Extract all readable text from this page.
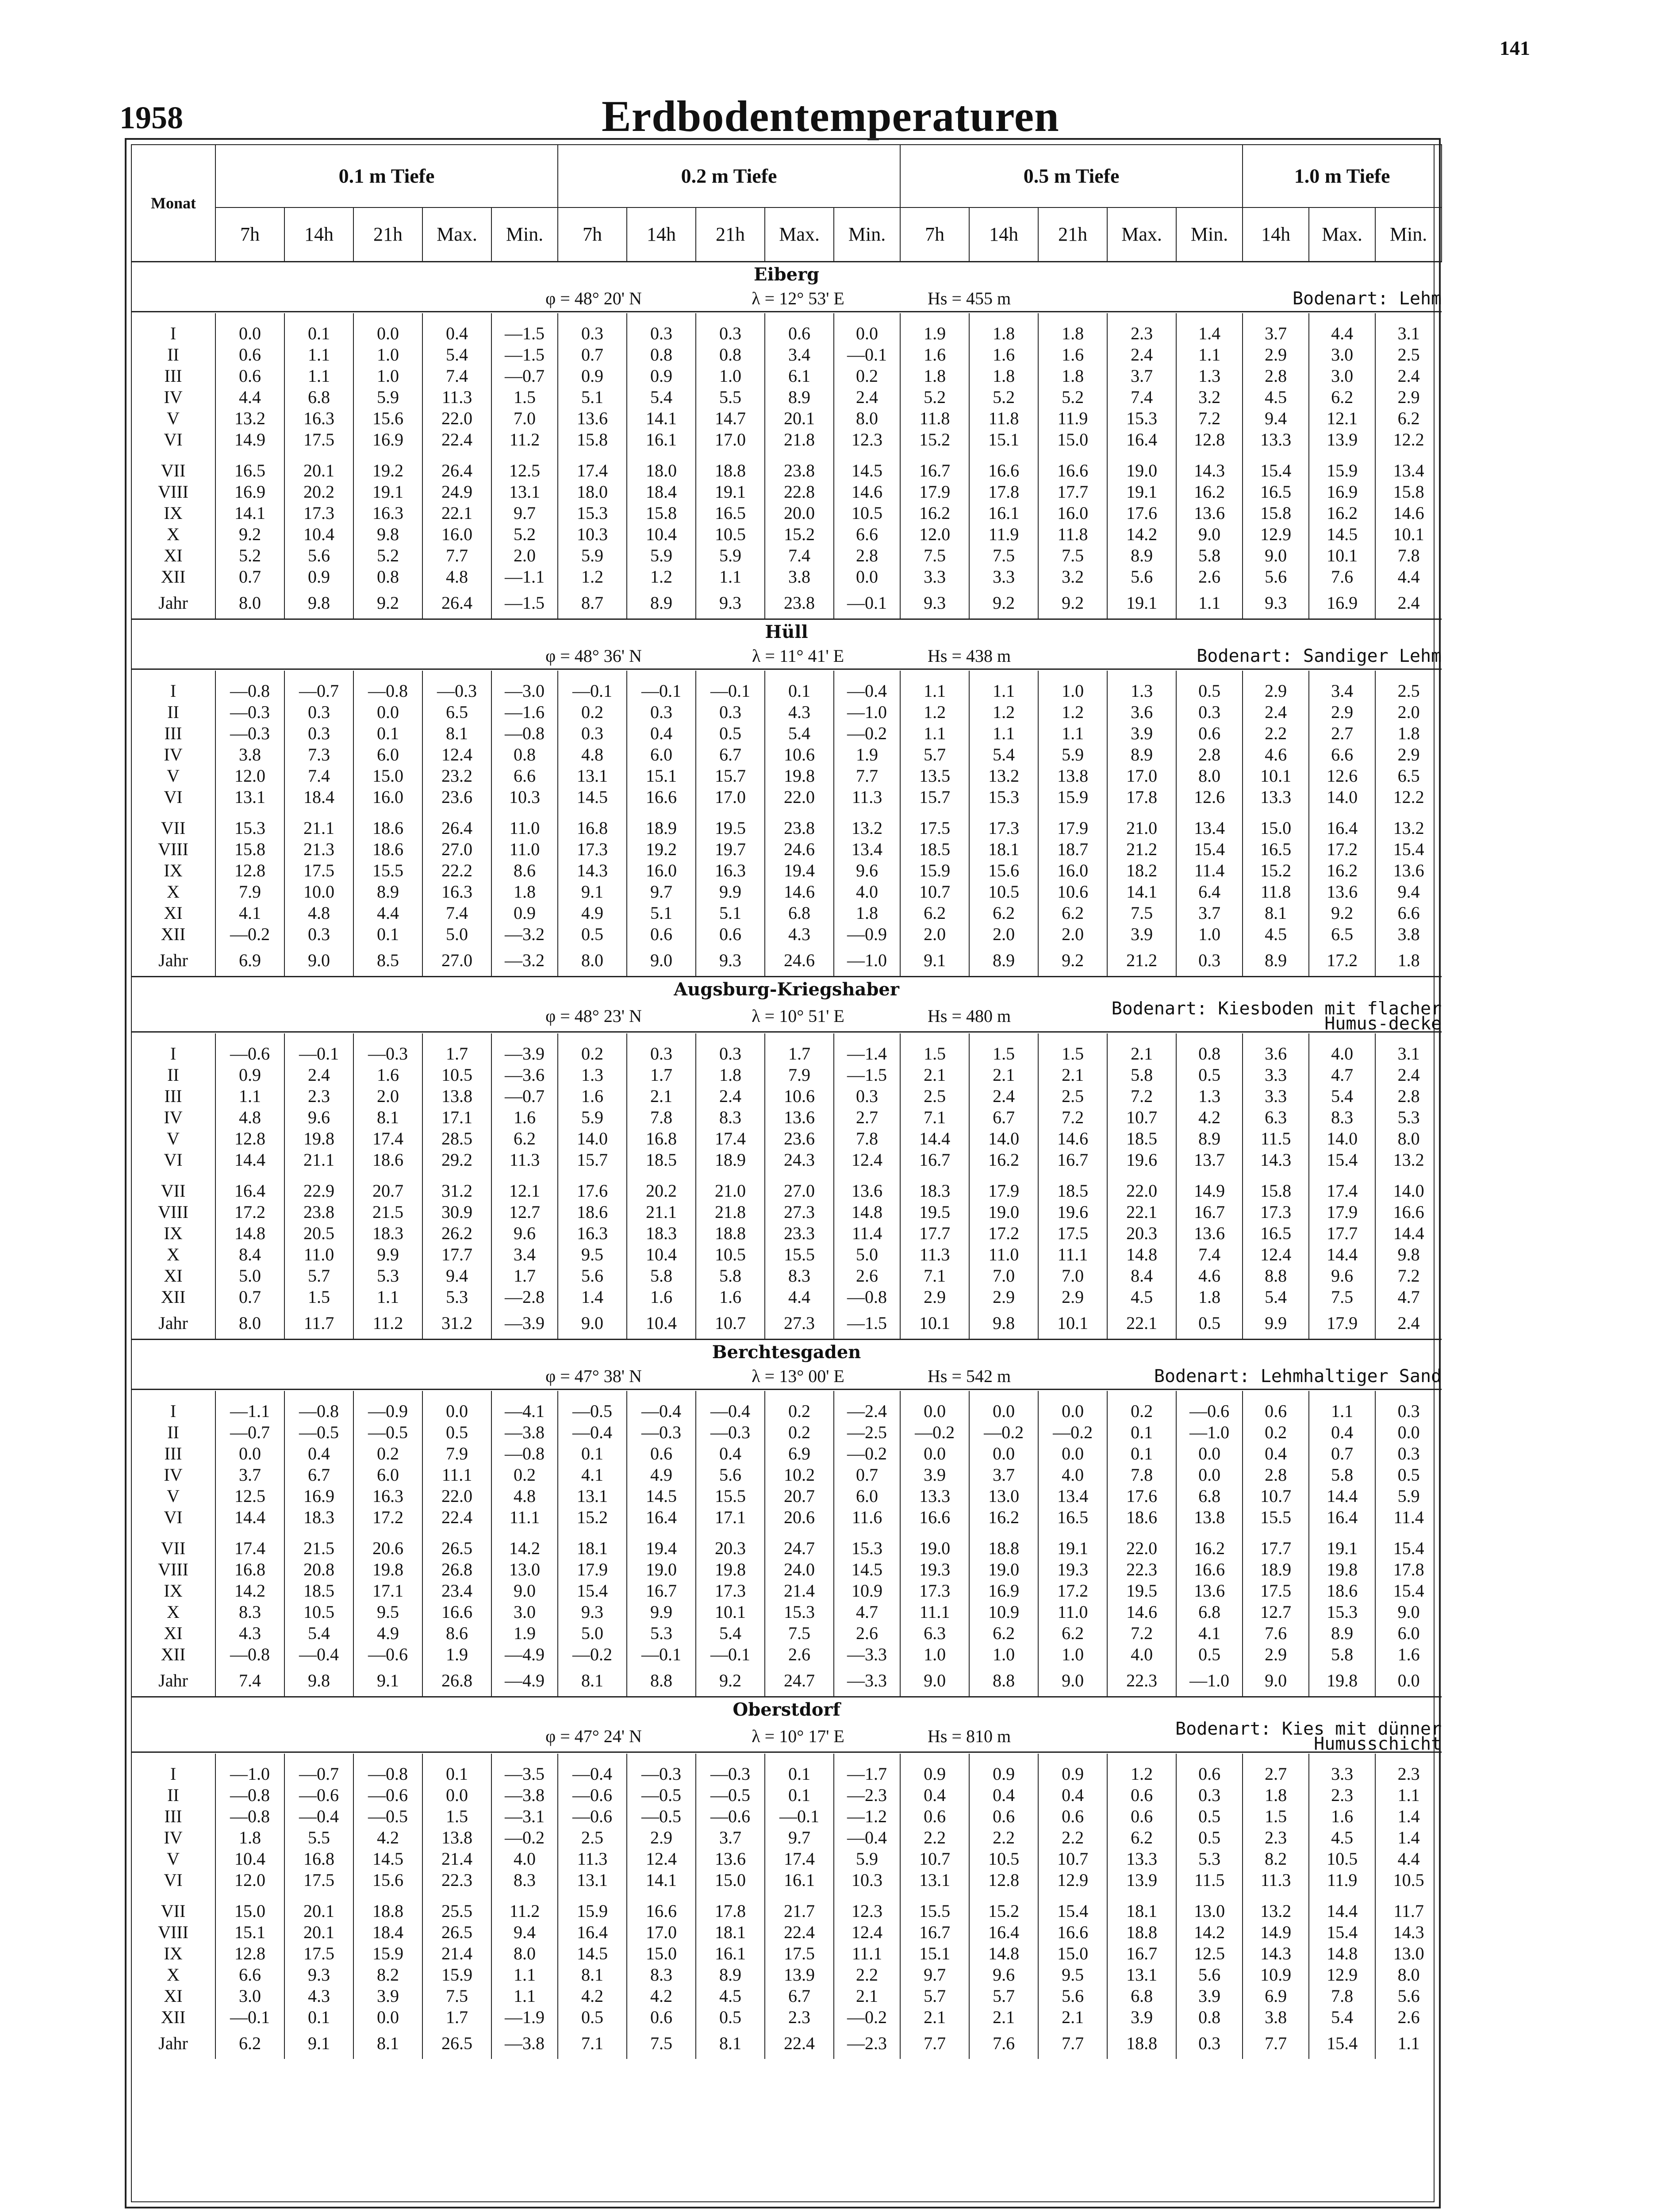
141
1958	Erdbodentemperaturen
Monat	0.1 m Tiefe					0.2 m Tiefe					0.5 m Tiefe					1.0 m Tiefe		
	7h	14h	21h	Max.	Min.	7h	14h	21h	Max.	Min.	7h	14h	21h	Max.	Min.	14h	Max.	Min.

Eiberg																		
					φ = 48° 20' N			λ = 12° 53' E			Hs = 455 m		Bodenart: Lehm					

I	0.0	0.1	0.0	0.4	—1.5	0.3	0.3	0.3	0.6	0.0	1.9	1.8	1.8	2.3	1.4	3.7	4.4	3.1
II	0.6	1.1	1.0	5.4	—1.5	0.7	0.8	0.8	3.4	—0.1	1.6	1.6	1.6	2.4	1.1	2.9	3.0	2.5
III	0.6	1.1	1.0	7.4	—0.7	0.9	0.9	1.0	6.1	0.2	1.8	1.8	1.8	3.7	1.3	2.8	3.0	2.4
IV	4.4	6.8	5.9	11.3	1.5	5.1	5.4	5.5	8.9	2.4	5.2	5.2	5.2	7.4	3.2	4.5	6.2	2.9
V	13.2	16.3	15.6	22.0	7.0	13.6	14.1	14.7	20.1	8.0	11.8	11.8	11.9	15.3	7.2	9.4	12.1	6.2
VI	14.9	17.5	16.9	22.4	11.2	15.8	16.1	17.0	21.8	12.3	15.2	15.1	15.0	16.4	12.8	13.3	13.9	12.2

VII	16.5	20.1	19.2	26.4	12.5	17.4	18.0	18.8	23.8	14.5	16.7	16.6	16.6	19.0	14.3	15.4	15.9	13.4
VIII	16.9	20.2	19.1	24.9	13.1	18.0	18.4	19.1	22.8	14.6	17.9	17.8	17.7	19.1	16.2	16.5	16.9	15.8
IX	14.1	17.3	16.3	22.1	9.7	15.3	15.8	16.5	20.0	10.5	16.2	16.1	16.0	17.6	13.6	15.8	16.2	14.6
X	9.2	10.4	9.8	16.0	5.2	10.3	10.4	10.5	15.2	6.6	12.0	11.9	11.8	14.2	9.0	12.9	14.5	10.1
XI	5.2	5.6	5.2	7.7	2.0	5.9	5.9	5.9	7.4	2.8	7.5	7.5	7.5	8.9	5.8	9.0	10.1	7.8
XII	0.7	0.9	0.8	4.8	—1.1	1.2	1.2	1.1	3.8	0.0	3.3	3.3	3.2	5.6	2.6	5.6	7.6	4.4
Jahr	8.0	9.8	9.2	26.4	—1.5	8.7	8.9	9.3	23.8	—0.1	9.3	9.2	9.2	19.1	1.1	9.3	16.9	2.4

Hüll																		
					φ = 48° 36' N			λ = 11° 41' E			Hs = 438 m		Bodenart: Sandiger Lehm					

I	—0.8	—0.7	—0.8	—0.3	—3.0	—0.1	—0.1	—0.1	0.1	—0.4	1.1	1.1	1.0	1.3	0.5	2.9	3.4	2.5
II	—0.3	0.3	0.0	6.5	—1.6	0.2	0.3	0.3	4.3	—1.0	1.2	1.2	1.2	3.6	0.3	2.4	2.9	2.0
III	—0.3	0.3	0.1	8.1	—0.8	0.3	0.4	0.5	5.4	—0.2	1.1	1.1	1.1	3.9	0.6	2.2	2.7	1.8
IV	3.8	7.3	6.0	12.4	0.8	4.8	6.0	6.7	10.6	1.9	5.7	5.4	5.9	8.9	2.8	4.6	6.6	2.9
V	12.0	7.4	15.0	23.2	6.6	13.1	15.1	15.7	19.8	7.7	13.5	13.2	13.8	17.0	8.0	10.1	12.6	6.5
VI	13.1	18.4	16.0	23.6	10.3	14.5	16.6	17.0	22.0	11.3	15.7	15.3	15.9	17.8	12.6	13.3	14.0	12.2

VII	15.3	21.1	18.6	26.4	11.0	16.8	18.9	19.5	23.8	13.2	17.5	17.3	17.9	21.0	13.4	15.0	16.4	13.2
VIII	15.8	21.3	18.6	27.0	11.0	17.3	19.2	19.7	24.6	13.4	18.5	18.1	18.7	21.2	15.4	16.5	17.2	15.4
IX	12.8	17.5	15.5	22.2	8.6	14.3	16.0	16.3	19.4	9.6	15.9	15.6	16.0	18.2	11.4	15.2	16.2	13.6
X	7.9	10.0	8.9	16.3	1.8	9.1	9.7	9.9	14.6	4.0	10.7	10.5	10.6	14.1	6.4	11.8	13.6	9.4
XI	4.1	4.8	4.4	7.4	0.9	4.9	5.1	5.1	6.8	1.8	6.2	6.2	6.2	7.5	3.7	8.1	9.2	6.6
XII	—0.2	0.3	0.1	5.0	—3.2	0.5	0.6	0.6	4.3	—0.9	2.0	2.0	2.0	3.9	1.0	4.5	6.5	3.8
Jahr	6.9	9.0	8.5	27.0	—3.2	8.0	9.0	9.3	24.6	—1.0	9.1	8.9	9.2	21.2	0.3	8.9	17.2	1.8

Augsburg-Kriegshaber																		
					φ = 48° 23' N			λ = 10° 51' E			Hs = 480 m		Bodenart: Kiesboden mit flacher Humus-decke					

I	—0.6	—0.1	—0.3	1.7	—3.9	0.2	0.3	0.3	1.7	—1.4	1.5	1.5	1.5	2.1	0.8	3.6	4.0	3.1
II	0.9	2.4	1.6	10.5	—3.6	1.3	1.7	1.8	7.9	—1.5	2.1	2.1	2.1	5.8	0.5	3.3	4.7	2.4
III	1.1	2.3	2.0	13.8	—0.7	1.6	2.1	2.4	10.6	0.3	2.5	2.4	2.5	7.2	1.3	3.3	5.4	2.8
IV	4.8	9.6	8.1	17.1	1.6	5.9	7.8	8.3	13.6	2.7	7.1	6.7	7.2	10.7	4.2	6.3	8.3	5.3
V	12.8	19.8	17.4	28.5	6.2	14.0	16.8	17.4	23.6	7.8	14.4	14.0	14.6	18.5	8.9	11.5	14.0	8.0
VI	14.4	21.1	18.6	29.2	11.3	15.7	18.5	18.9	24.3	12.4	16.7	16.2	16.7	19.6	13.7	14.3	15.4	13.2

VII	16.4	22.9	20.7	31.2	12.1	17.6	20.2	21.0	27.0	13.6	18.3	17.9	18.5	22.0	14.9	15.8	17.4	14.0
VIII	17.2	23.8	21.5	30.9	12.7	18.6	21.1	21.8	27.3	14.8	19.5	19.0	19.6	22.1	16.7	17.3	17.9	16.6
IX	14.8	20.5	18.3	26.2	9.6	16.3	18.3	18.8	23.3	11.4	17.7	17.2	17.5	20.3	13.6	16.5	17.7	14.4
X	8.4	11.0	9.9	17.7	3.4	9.5	10.4	10.5	15.5	5.0	11.3	11.0	11.1	14.8	7.4	12.4	14.4	9.8
XI	5.0	5.7	5.3	9.4	1.7	5.6	5.8	5.8	8.3	2.6	7.1	7.0	7.0	8.4	4.6	8.8	9.6	7.2
XII	0.7	1.5	1.1	5.3	—2.8	1.4	1.6	1.6	4.4	—0.8	2.9	2.9	2.9	4.5	1.8	5.4	7.5	4.7
Jahr	8.0	11.7	11.2	31.2	—3.9	9.0	10.4	10.7	27.3	—1.5	10.1	9.8	10.1	22.1	0.5	9.9	17.9	2.4

Berchtesgaden																		
					φ = 47° 38' N			λ = 13° 00' E			Hs = 542 m		Bodenart: Lehmhaltiger Sand					

I	—1.1	—0.8	—0.9	0.0	—4.1	—0.5	—0.4	—0.4	0.2	—2.4	0.0	0.0	0.0	0.2	—0.6	0.6	1.1	0.3
II	—0.7	—0.5	—0.5	0.5	—3.8	—0.4	—0.3	—0.3	0.2	—2.5	—0.2	—0.2	—0.2	0.1	—1.0	0.2	0.4	0.0
III	0.0	0.4	0.2	7.9	—0.8	0.1	0.6	0.4	6.9	—0.2	0.0	0.0	0.0	0.1	0.0	0.4	0.7	0.3
IV	3.7	6.7	6.0	11.1	0.2	4.1	4.9	5.6	10.2	0.7	3.9	3.7	4.0	7.8	0.0	2.8	5.8	0.5
V	12.5	16.9	16.3	22.0	4.8	13.1	14.5	15.5	20.7	6.0	13.3	13.0	13.4	17.6	6.8	10.7	14.4	5.9
VI	14.4	18.3	17.2	22.4	11.1	15.2	16.4	17.1	20.6	11.6	16.6	16.2	16.5	18.6	13.8	15.5	16.4	11.4

VII	17.4	21.5	20.6	26.5	14.2	18.1	19.4	20.3	24.7	15.3	19.0	18.8	19.1	22.0	16.2	17.7	19.1	15.4
VIII	16.8	20.8	19.8	26.8	13.0	17.9	19.0	19.8	24.0	14.5	19.3	19.0	19.3	22.3	16.6	18.9	19.8	17.8
IX	14.2	18.5	17.1	23.4	9.0	15.4	16.7	17.3	21.4	10.9	17.3	16.9	17.2	19.5	13.6	17.5	18.6	15.4
X	8.3	10.5	9.5	16.6	3.0	9.3	9.9	10.1	15.3	4.7	11.1	10.9	11.0	14.6	6.8	12.7	15.3	9.0
XI	4.3	5.4	4.9	8.6	1.9	5.0	5.3	5.4	7.5	2.6	6.3	6.2	6.2	7.2	4.1	7.6	8.9	6.0
XII	—0.8	—0.4	—0.6	1.9	—4.9	—0.2	—0.1	—0.1	2.6	—3.3	1.0	1.0	1.0	4.0	0.5	2.9	5.8	1.6
Jahr	7.4	9.8	9.1	26.8	—4.9	8.1	8.8	9.2	24.7	—3.3	9.0	8.8	9.0	22.3	—1.0	9.0	19.8	0.0

Oberstdorf																		
					φ = 47° 24' N			λ = 10° 17' E			Hs = 810 m		Bodenart: Kies mit dünner Humusschicht					

I	—1.0	—0.7	—0.8	0.1	—3.5	—0.4	—0.3	—0.3	0.1	—1.7	0.9	0.9	0.9	1.2	0.6	2.7	3.3	2.3
II	—0.8	—0.6	—0.6	0.0	—3.8	—0.6	—0.5	—0.5	0.1	—2.3	0.4	0.4	0.4	0.6	0.3	1.8	2.3	1.1
III	—0.8	—0.4	—0.5	1.5	—3.1	—0.6	—0.5	—0.6	—0.1	—1.2	0.6	0.6	0.6	0.6	0.5	1.5	1.6	1.4
IV	1.8	5.5	4.2	13.8	—0.2	2.5	2.9	3.7	9.7	—0.4	2.2	2.2	2.2	6.2	0.5	2.3	4.5	1.4
V	10.4	16.8	14.5	21.4	4.0	11.3	12.4	13.6	17.4	5.9	10.7	10.5	10.7	13.3	5.3	8.2	10.5	4.4
VI	12.0	17.5	15.6	22.3	8.3	13.1	14.1	15.0	16.1	10.3	13.1	12.8	12.9	13.9	11.5	11.3	11.9	10.5

VII	15.0	20.1	18.8	25.5	11.2	15.9	16.6	17.8	21.7	12.3	15.5	15.2	15.4	18.1	13.0	13.2	14.4	11.7
VIII	15.1	20.1	18.4	26.5	9.4	16.4	17.0	18.1	22.4	12.4	16.7	16.4	16.6	18.8	14.2	14.9	15.4	14.3
IX	12.8	17.5	15.9	21.4	8.0	14.5	15.0	16.1	17.5	11.1	15.1	14.8	15.0	16.7	12.5	14.3	14.8	13.0
X	6.6	9.3	8.2	15.9	1.1	8.1	8.3	8.9	13.9	2.2	9.7	9.6	9.5	13.1	5.6	10.9	12.9	8.0
XI	3.0	4.3	3.9	7.5	1.1	4.2	4.2	4.5	6.7	2.1	5.7	5.7	5.6	6.8	3.9	6.9	7.8	5.6
XII	—0.1	0.1	0.0	1.7	—1.9	0.5	0.6	0.5	2.3	—0.2	2.1	2.1	2.1	3.9	0.8	3.8	5.4	2.6
Jahr	6.2	9.1	8.1	26.5	—3.8	7.1	7.5	8.1	22.4	—2.3	7.7	7.6	7.7	18.8	0.3	7.7	15.4	1.1
